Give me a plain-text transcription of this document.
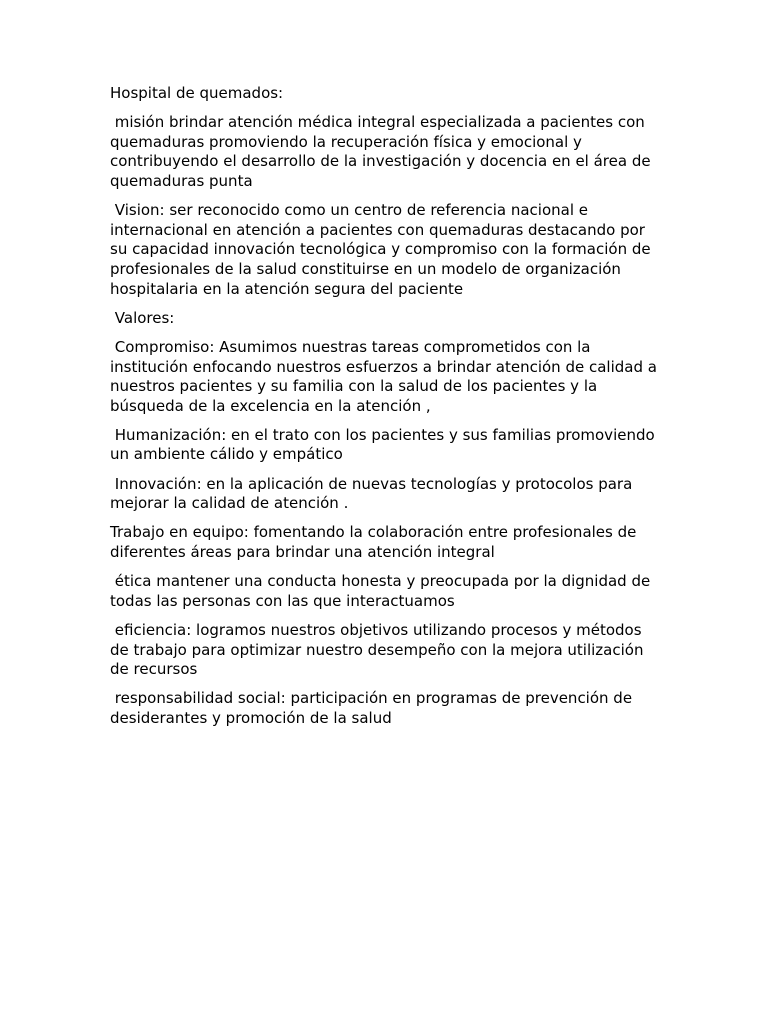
Hospital de quemados:

misión brindar atención médica integral especializada a pacientes con quemaduras promoviendo la recuperación física y emocional y contribuyendo el desarrollo de la investigación y docencia en el área de quemaduras punta

Vision: ser reconocido como un centro de referencia nacional e internacional en atención a pacientes con quemaduras destacando por su capacidad innovación tecnológica y compromiso con la formación de profesionales de la salud constituirse en un modelo de organización hospitalaria en la atención segura del paciente

Valores:

Compromiso: Asumimos nuestras tareas comprometidos con la institución enfocando nuestros esfuerzos a brindar atención de calidad a nuestros pacientes y su familia con la salud de los pacientes y la búsqueda de la excelencia en la atención ,

Humanización: en el trato con los pacientes y sus familias promoviendo un ambiente cálido y empático

Innovación: en la aplicación de nuevas tecnologías y protocolos para mejorar la calidad de atención .

Trabajo en equipo: fomentando la colaboración entre profesionales de diferentes áreas para brindar una atención integral

ética mantener una conducta honesta y preocupada por la dignidad de todas las personas con las que interactuamos

eficiencia: logramos nuestros objetivos utilizando procesos y métodos de trabajo para optimizar nuestro desempeño con la mejora utilización de recursos

responsabilidad social: participación en programas de prevención de desiderantes y promoción de la salud
